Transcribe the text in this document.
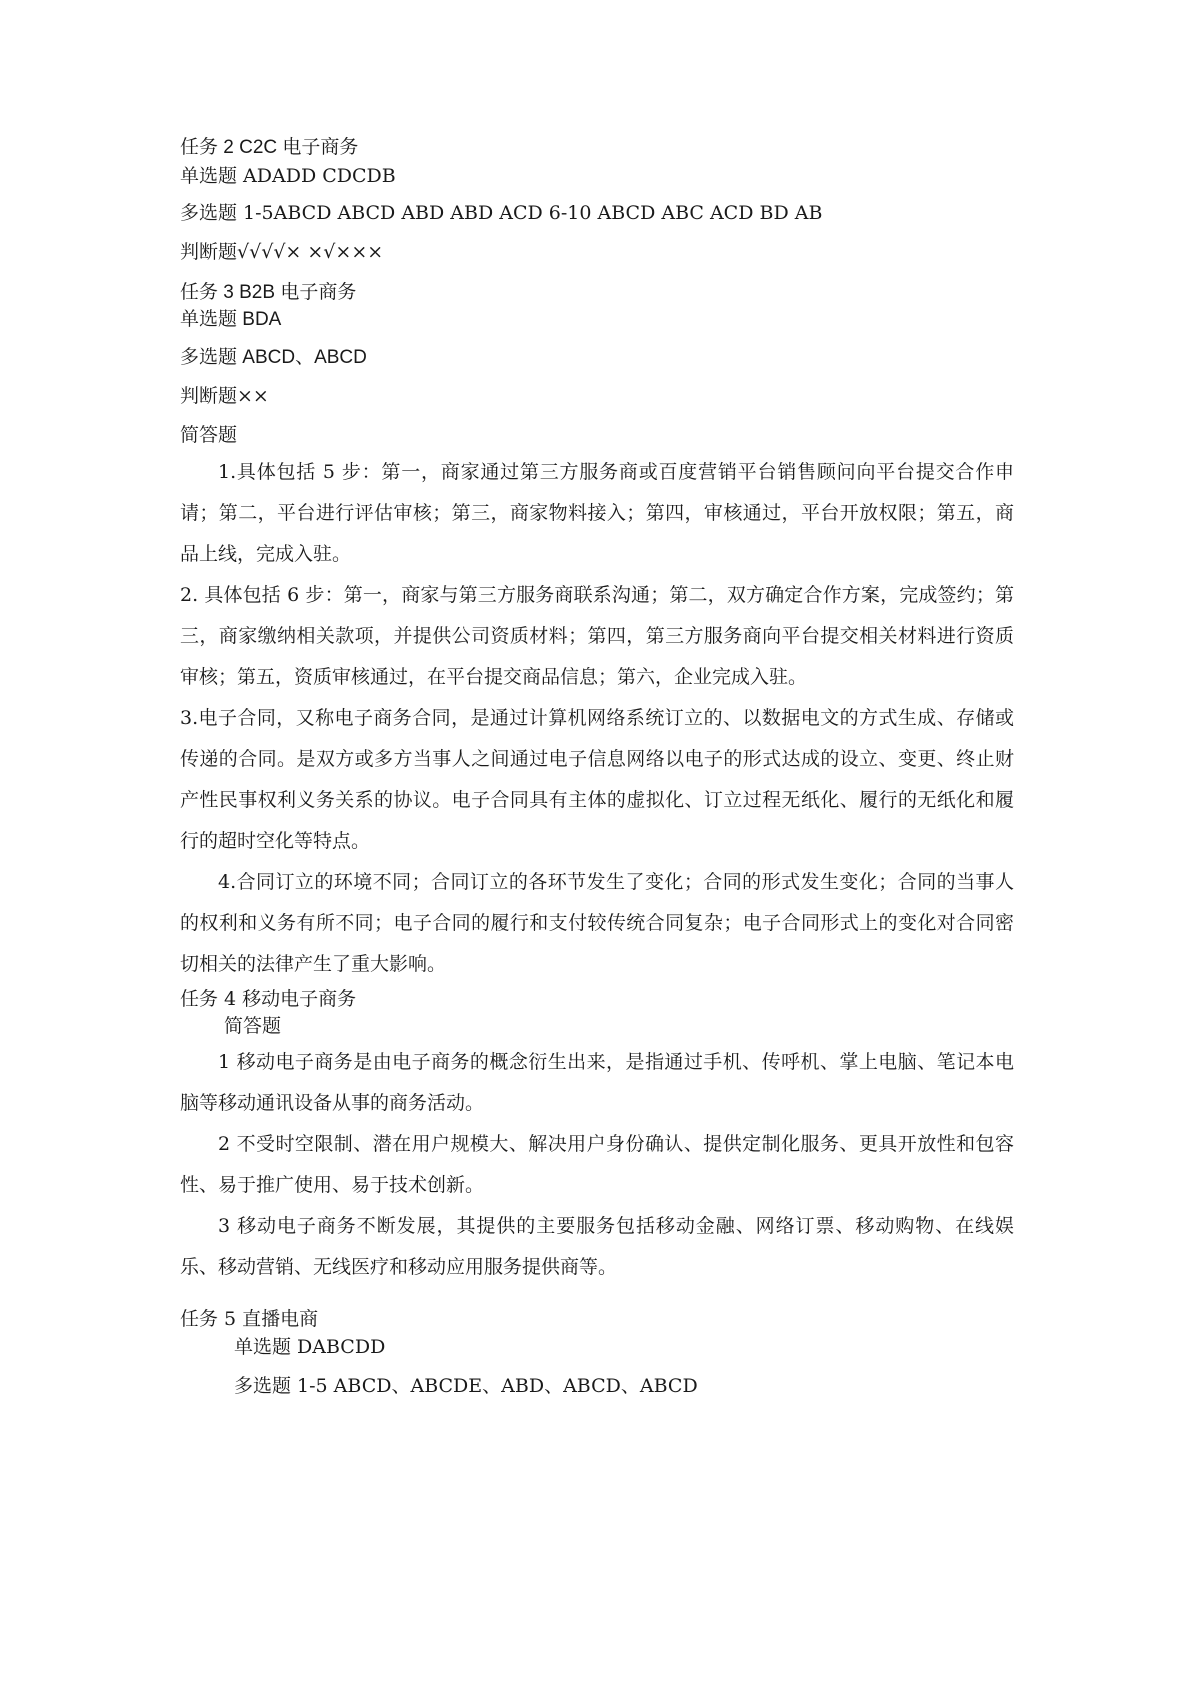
任务 2 C2C 电子商务
单选题 ADADD CDCDB
多选题 1-5ABCD ABCD ABD ABD ACD 6-10 ABCD ABC ACD BD AB
判断题√√√√× ×√×××
任务 3 B2B 电子商务
单选题 BDA
多选题 ABCD、ABCD
判断题××
简答题
1.具体包括 5 步：第一，商家通过第三方服务商或百度营销平台销售顾问向平台提交合作申请；第二，平台进行评估审核；第三，商家物料接入；第四，审核通过，平台开放权限；第五，商品上线，完成入驻。
2. 具体包括 6 步：第一，商家与第三方服务商联系沟通；第二，双方确定合作方案，完成签约；第三，商家缴纳相关款项，并提供公司资质材料；第四，第三方服务商向平台提交相关材料进行资质审核；第五，资质审核通过，在平台提交商品信息；第六，企业完成入驻。
3.电子合同，又称电子商务合同，是通过计算机网络系统订立的、以数据电文的方式生成、存储或传递的合同。是双方或多方当事人之间通过电子信息网络以电子的形式达成的设立、变更、终止财产性民事权利义务关系的协议。电子合同具有主体的虚拟化、订立过程无纸化、履行的无纸化和履行的超时空化等特点。
4.合同订立的环境不同；合同订立的各环节发生了变化；合同的形式发生变化；合同的当事人的权利和义务有所不同；电子合同的履行和支付较传统合同复杂；电子合同形式上的变化对合同密切相关的法律产生了重大影响。
任务 4 移动电子商务
简答题
1 移动电子商务是由电子商务的概念衍生出来，是指通过手机、传呼机、掌上电脑、笔记本电脑等移动通讯设备从事的商务活动。
2 不受时空限制、潜在用户规模大、解决用户身份确认、提供定制化服务、更具开放性和包容性、易于推广使用、易于技术创新。
3 移动电子商务不断发展，其提供的主要服务包括移动金融、网络订票、移动购物、在线娱乐、移动营销、无线医疗和移动应用服务提供商等。
任务 5 直播电商
单选题 DABCDD
多选题 1-5 ABCD、ABCDE、ABD、ABCD、ABCD
